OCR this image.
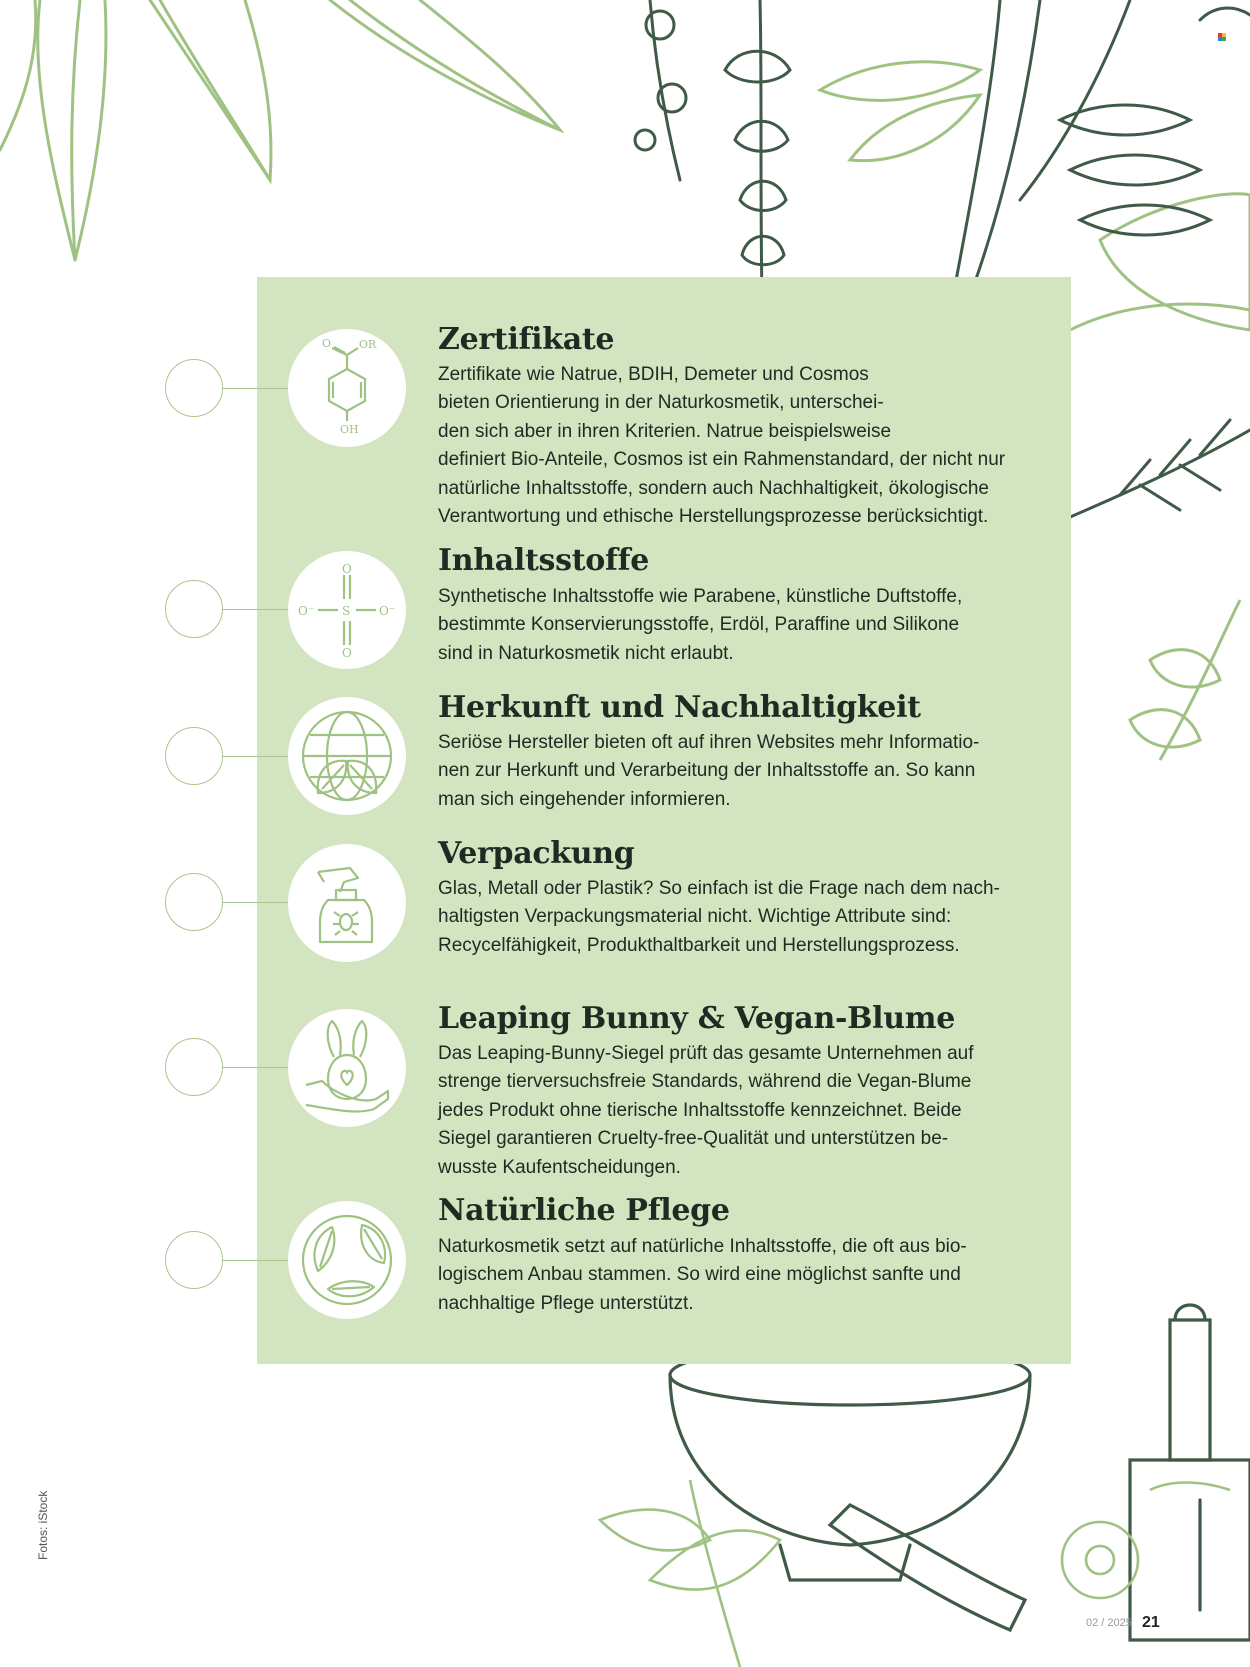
O	OR
OH
Zertifikate

Zertifikate wie Natrue, BDIH, Demeter und Cosmos
bieten Orientierung in der Naturkosmetik, unterschei-
den sich aber in ihren Kriterien. Natrue beispielsweise
definiert Bio-Anteile, Cosmos ist ein Rahmenstandard, der nicht nur
natürliche Inhaltsstoffe, sondern auch Nachhaltigkeit, ökologische
Verantwortung und ethische Herstellungsprozesse berücksichtigt.

S
O
O
O⁻	O⁻
Inhaltsstoffe

Synthetische Inhaltsstoffe wie Parabene, künstliche Duftstoffe,
bestimmte Konservierungsstoffe, Erdöl, Paraffine und Silikone
sind in Naturkosmetik nicht erlaubt.

Herkunft und Nachhaltigkeit

Seriöse Hersteller bieten oft auf ihren Websites mehr Informatio-
nen zur Herkunft und Verarbeitung der Inhaltsstoffe an. So kann
man sich eingehender informieren.

Verpackung

Glas, Metall oder Plastik? So einfach ist die Frage nach dem nach-
haltigsten Verpackungsmaterial nicht. Wichtige Attribute sind:
Recycelfähigkeit, Produkthaltbarkeit und Herstellungsprozess.

Leaping Bunny & Vegan-Blume

Das Leaping-Bunny-Siegel prüft das gesamte Unternehmen auf
strenge tierversuchsfreie Standards, während die Vegan-Blume
jedes Produkt ohne tierische Inhaltsstoffe kennzeichnet. Beide
Siegel garantieren Cruelty-free-Qualität und unterstützen be-
wusste Kaufentscheidungen.

Natürliche Pflege

Naturkosmetik setzt auf natürliche Inhaltsstoffe, die oft aus bio-
logischem Anbau stammen. So wird eine möglichst sanfte und
nachhaltige Pflege unterstützt.

Fotos: iStock
02 / 2025 21
